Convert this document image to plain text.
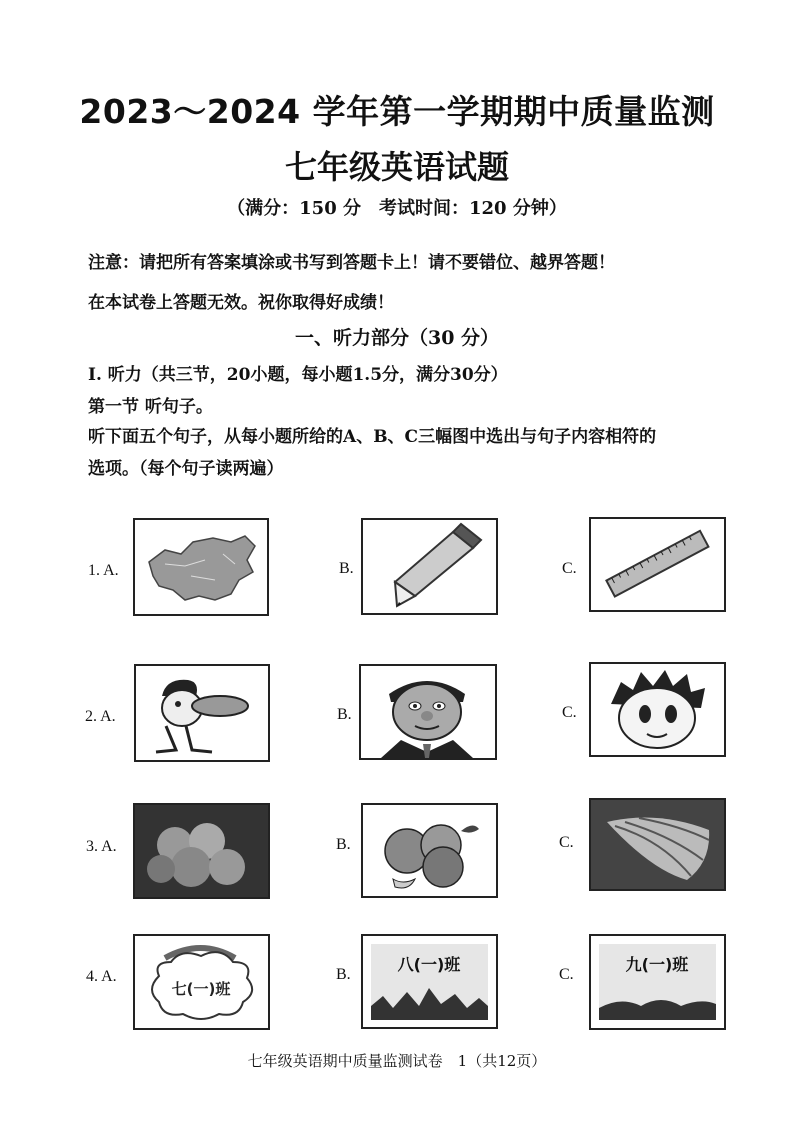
2023～2024 学年第一学期期中质量监测
七年级英语试题
（满分：150 分　考试时间：120 分钟）
注意：请把所有答案填涂或书写到答题卡上！请不要错位、越界答题！
在本试卷上答题无效。祝你取得好成绩！
一、听力部分（30 分）
I. 听力（共三节，20小题，每小题1.5分，满分30分）
第一节 听句子。
听下面五个句子，从每小题所给的A、B、C三幅图中选出与句子内容相符的
选项。（每个句子读两遍）
1. A.	B.	C.
2. A.	B.	C.
3. A.	B.	C.
4. A.
七(一)班
B.
八(一)班
C.
九(一)班
七年级英语期中质量监测试卷　1（共12页）
